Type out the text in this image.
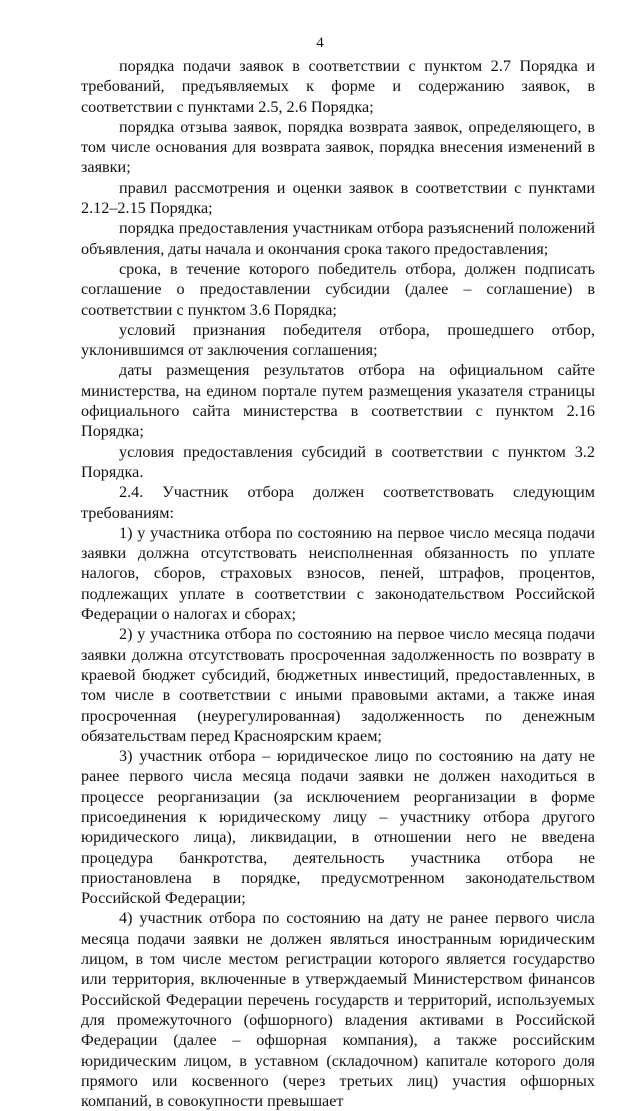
4

порядка подачи заявок в соответствии с пунктом 2.7 Порядка и требований, предъявляемых к форме и содержанию заявок, в соответствии с пунктами 2.5, 2.6 Порядка;

порядка отзыва заявок, порядка возврата заявок, определяющего, в том числе основания для возврата заявок, порядка внесения изменений в заявки;

правил рассмотрения и оценки заявок в соответствии с пунктами 2.12–2.15 Порядка;

порядка предоставления участникам отбора разъяснений положений объявления, даты начала и окончания срока такого предоставления;

срока, в течение которого победитель отбора, должен подписать соглашение о предоставлении субсидии (далее – соглашение) в соответствии с пунктом 3.6 Порядка;

условий признания победителя отбора, прошедшего отбор, уклонившимся от заключения соглашения;

даты размещения результатов отбора на официальном сайте министерства, на едином портале путем размещения указателя страницы официального сайта министерства в соответствии с пунктом 2.16 Порядка;

условия предоставления субсидий в соответствии с пунктом 3.2 Порядка.

2.4. Участник отбора должен соответствовать следующим требованиям:

1) у участника отбора по состоянию на первое число месяца подачи заявки должна отсутствовать неисполненная обязанность по уплате налогов, сборов, страховых взносов, пеней, штрафов, процентов, подлежащих уплате в соответствии с законодательством Российской Федерации о налогах и сборах;

2) у участника отбора по состоянию на первое число месяца подачи заявки должна отсутствовать просроченная задолженность по возврату в краевой бюджет субсидий, бюджетных инвестиций, предоставленных, в том числе в соответствии с иными правовыми актами, а также иная просроченная (неурегулированная) задолженность по денежным обязательствам перед Красноярским краем;

3) участник отбора – юридическое лицо по состоянию на дату не ранее первого числа месяца подачи заявки не должен находиться в процессе реорганизации (за исключением реорганизации в форме присоединения к юридическому лицу – участнику отбора другого юридического лица), ликвидации, в отношении него не введена процедура банкротства, деятельность участника отбора не приостановлена в порядке, предусмотренном законодательством Российской Федерации;

4) участник отбора по состоянию на дату не ранее первого числа месяца подачи заявки не должен являться иностранным юридическим лицом, в том числе местом регистрации которого является государство или территория, включенные в утверждаемый Министерством финансов Российской Федерации перечень государств и территорий, используемых для промежуточного (офшорного) владения активами в Российской Федерации (далее – офшорная компания), а также российским юридическим лицом, в уставном (складочном) капитале которого доля прямого или косвенного (через третьих лиц) участия офшорных компаний, в совокупности превышает
